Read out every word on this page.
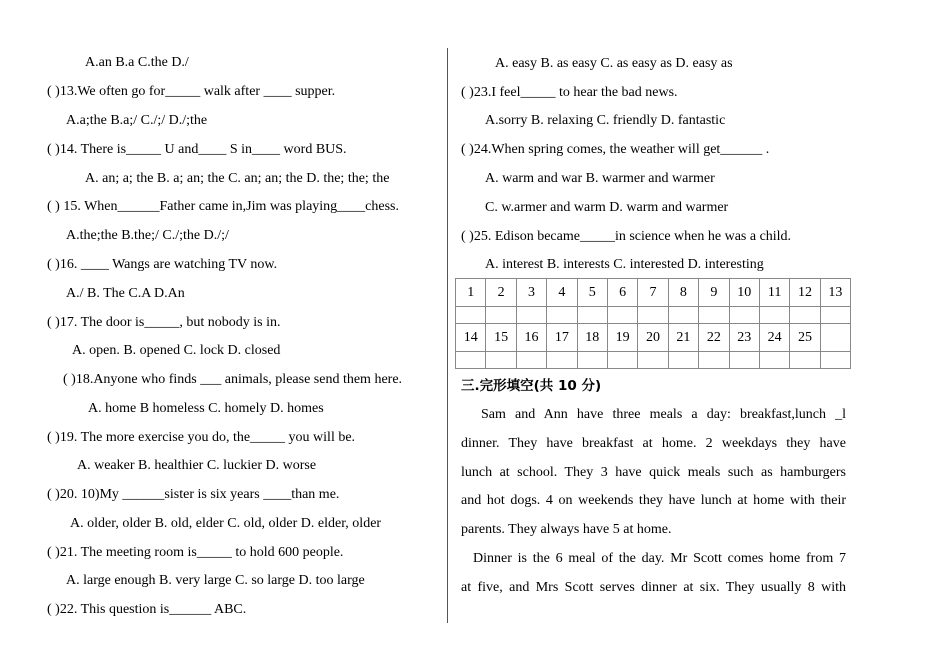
A.an B.a C.the D./
( )13.We often go for_____ walk after ____ supper.
A.a;the B.a;/ C./;/ D./;the
( )14. There is_____ U and____ S in____ word BUS.
A. an; a; the B. a; an; the C. an; an; the D. the; the; the
( ) 15. When______Father came in,Jim was playing____chess.
A.the;the B.the;/ C./;the D./;/
( )16. ____ Wangs are watching TV now.
A./ B. The C.A D.An
( )17. The door is_____, but nobody is in.
A. open. B. opened C. lock D. closed
( )18.Anyone who finds ___ animals, please send them here.
A. home B homeless C. homely D. homes
( )19. The more exercise you do, the_____ you will be.
A. weaker B. healthier C. luckier D. worse
( )20. 10)My ______sister is six years ____than me.
A. older, older B. old, elder C. old, older D. elder, older
( )21. The meeting room is_____ to hold 600 people.
A. large enough B. very large C. so large D. too large
( )22. This question is______ ABC.
A. easy B. as easy C. as easy as D. easy as
( )23.I feel_____ to hear the bad news.
A.sorry B. relaxing C. friendly D. fantastic
( )24.When spring comes, the weather will get______ .
A. warm and war B. warmer and warmer
C. w.armer and warm D. warm and warmer
( )25. Edison became_____in science when he was a child.
A. interest B. interests C. interested D. interesting
1	2	3	4	5	6	7	8	9	10	11	12	13

14	15	16	17	18	19	20	21	22	23	24	25	

三.完形填空(共 10 分)
Sam and Ann have three meals a day: breakfast,lunch _l
dinner. They have breakfast at home. 2 weekdays they have
lunch at school. They 3 have quick meals such as hamburgers
and hot dogs. 4 on weekends they have lunch at home with their
parents. They always have 5 at home.
Dinner is the 6 meal of the day. Mr Scott comes home from 7
at five, and Mrs Scott serves dinner at six. They usually 8 with
